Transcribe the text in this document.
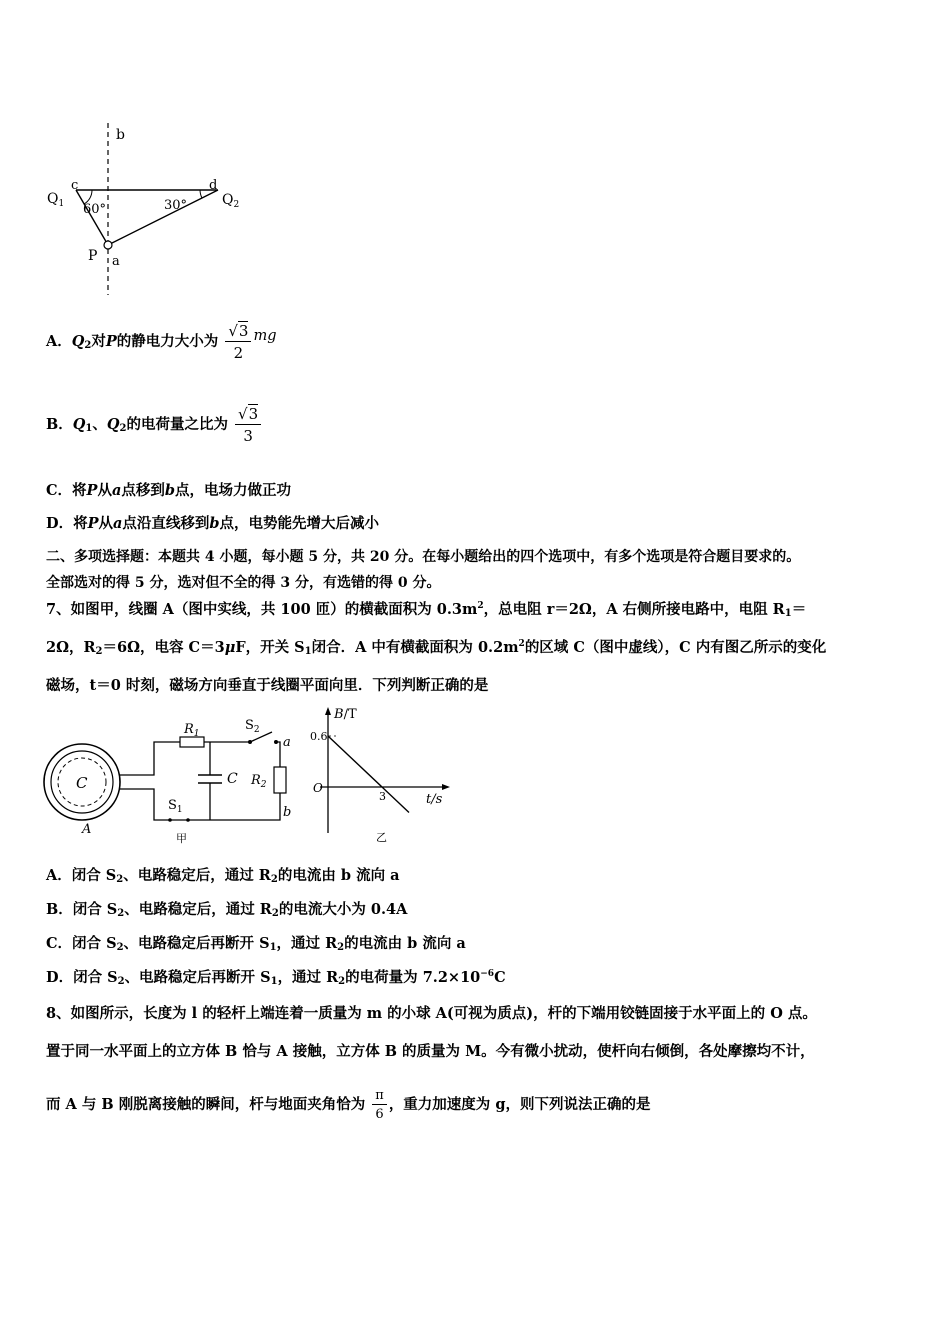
b
$Q_1$
c	d
$Q_2$
60°	30°
P a
A．Q2对P的静电力大小为 $\frac{√3}{2}$ mg
B．Q1、Q2的电荷量之比为 $\frac{√3}{3}$
C．将P从a点移到b点，电场力做正功
D．将P从a点沿直线移到b点，电势能先增大后减小
二、多项选择题：本题共 4 小题，每小题 5 分，共 20 分。在每小题给出的四个选项中，有多个选项是符合题目要求的。
全部选对的得 5 分，选对但不全的得 3 分，有选错的得 0 分。
7、如图甲，线圈 A（图中实线，共 100 匝）的横截面积为 $0.3m^2$，总电阻 r＝2Ω，A 右侧所接电路中，电阻 R1＝
2Ω，R2＝6Ω，电容 C＝3μF，开关 S1闭合．A 中有横截面积为 $0.2m^2$的区域 C（图中虚线），C 内有图乙所示的变化
磁场，t＝0 时刻，磁场方向垂直于线圈平面向里．下列判断正确的是
C
A
$R_1$
$S_2$
a
C $R_2$
$S_1$	b
甲
B/T
t/s
O
0.6
3
乙
A．闭合 S2、电路稳定后，通过 R2的电流由 b 流向 a
B．闭合 S2、电路稳定后，通过 R2的电流大小为 0.4A
C．闭合 S2、电路稳定后再断开 S1，通过 R2的电流由 b 流向 a
D．闭合 S2、电路稳定后再断开 S1，通过 R2的电荷量为 $7.2\times 10^{-6}C$
8、如图所示，长度为 l 的轻杆上端连着一质量为 m 的小球 A(可视为质点)，杆的下端用铰链固接于水平面上的 O 点。
置于同一水平面上的立方体 B 恰与 A 接触，立方体 B 的质量为 M。今有微小扰动，使杆向右倾倒，各处摩擦均不计，
而 A 与 B 刚脱离接触的瞬间，杆与地面夹角恰为 $\frac{\pi}{6}$ ，重力加速度为 g，则下列说法正确的是
